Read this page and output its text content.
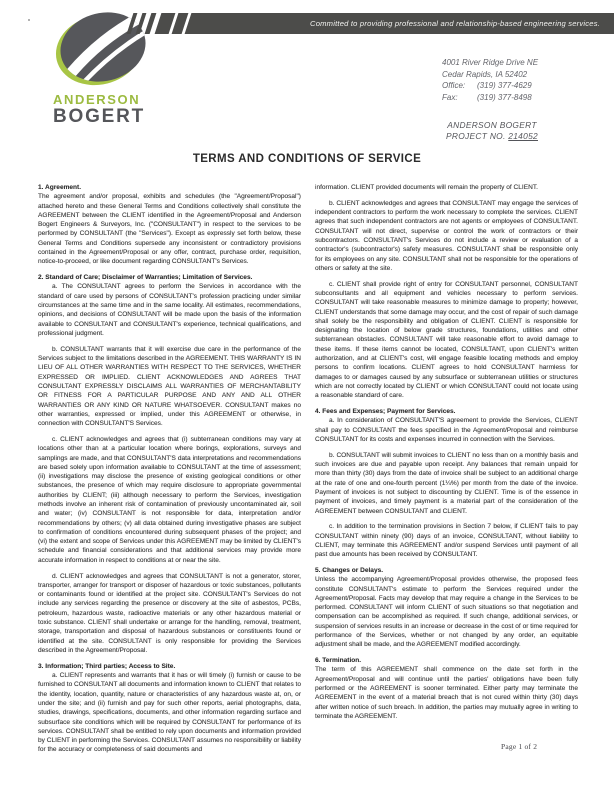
ANDERSON
BOGERT
Committed to providing professional and relationship-based engineering services.
4001 River Ridge Drive NE
Cedar Rapids, IA 52402
Office:	(319) 377-4629
Fax:	(319) 377-8498
ANDERSON BOGERT
PROJECT NO. 214052
TERMS AND CONDITIONS OF SERVICE

1. Agreement.

The agreement and/or proposal, exhibits and schedules (the "Agreement/Proposal") attached hereto and these General Terms and Conditions collectively shall constitute the AGREEMENT between the CLIENT identified in the Agreement/Proposal and Anderson Bogert Engineers & Surveyors, Inc. ("CONSULTANT") in respect to the services to be performed by CONSULTANT (the "Services"). Except as expressly set forth below, these General Terms and Conditions supersede any inconsistent or contradictory provisions contained in the Agreement/Proposal or any offer, contract, purchase order, requisition, notice-to-proceed, or like document regarding CONSULTANT's Services.

2. Standard of Care; Disclaimer of Warranties; Limitation of Services.

a. The CONSULTANT agrees to perform the Services in accordance with the standard of care used by persons of CONSULTANT's profession practicing under similar circumstances at the same time and in the same locality. All estimates, recommendations, opinions, and decisions of CONSULTANT will be made upon the basis of the information available to CONSULTANT and CONSULTANT's experience, technical qualifications, and professional judgment.

b. CONSULTANT warrants that it will exercise due care in the performance of the Services subject to the limitations described in the AGREEMENT. THIS WARRANTY IS IN LIEU OF ALL OTHER WARRANTIES WITH RESPECT TO THE SERVICES, WHETHER EXPRESSED OR IMPLIED. CLIENT ACKNOWLEDGES AND AGREES THAT CONSULTANT EXPRESSLY DISCLAIMS ALL WARRANTIES OF MERCHANTABILITY OR FITNESS FOR A PARTICULAR PURPOSE AND ANY AND ALL OTHER WARRANTIES OR ANY KIND OR NATURE WHATSOEVER. CONSULTANT makes no other warranties, expressed or implied, under this AGREEMENT or otherwise, in connection with CONSULTANT'S Services.

c. CLIENT acknowledges and agrees that (i) subterranean conditions may vary at locations other than at a particular location where borings, explorations, surveys and samplings are made, and that CONSULTANT'S data interpretations and recommendations are based solely upon information available to CONSULTANT at the time of assessment; (ii) investigations may disclose the presence of existing geological conditions or other substances, the presence of which may require disclosure to appropriate governmental authorities by CLIENT; (iii) although necessary to perform the Services, investigation methods involve an inherent risk of contamination of previously uncontaminated air, soil and water; (iv) CONSULTANT is not responsible for data, interpretation and/or recommendations by others; (v) all data obtained during investigative phases are subject to confirmation of conditions encountered during subsequent phases of the project; and (vi) the extent and scope of Services under this AGREEMENT may be limited by CLIENT's schedule and financial considerations and that additional services may provide more accurate information in respect to conditions at or near the site.

d. CLIENT acknowledges and agrees that CONSULTANT is not a generator, storer, transporter, arranger for transport or disposer of hazardous or toxic substances, pollutants or contaminants found or identified at the project site. CONSULTANT's Services do not include any services regarding the presence or discovery at the site of asbestos, PCBs, petroleum, hazardous waste, radioactive materials or any other hazardous material or toxic substance. CLIENT shall undertake or arrange for the handling, removal, treatment, storage, transportation and disposal of hazardous substances or constituents found or identified at the site. CONSULTANT is only responsible for providing the Services described in the Agreement/Proposal.

3. Information; Third parties; Access to Site.

a. CLIENT represents and warrants that it has or will timely (i) furnish or cause to be furnished to CONSULTANT all documents and information known to CLIENT that relates to the identity, location, quantity, nature or characteristics of any hazardous waste at, on, or under the site; and (ii) furnish and pay for such other reports, aerial photographs, data, studies, drawings, specifications, documents, and other information regarding surface and subsurface site conditions which will be required by CONSULTANT for performance of its services. CONSULTANT shall be entitled to rely upon documents and information provided by CLIENT in performing the Services. CONSULTANT assumes no responsibility or liability for the accuracy or completeness of said documents and

information. CLIENT provided documents will remain the property of CLIENT.

b. CLIENT acknowledges and agrees that CONSULTANT may engage the services of independent contractors to perform the work necessary to complete the services. CLIENT agrees that such independent contractors are not agents or employees of CONSULTANT. CONSULTANT will not direct, supervise or control the work of contractors or their subcontractors. CONSULTANT's Services do not include a review or evaluation of a contractor's (subcontractor's) safety measures. CONSULTANT shall be responsible only for its employees on any site. CONSULTANT shall not be responsible for the operations of others or safety at the site.

c. CLIENT shall provide right of entry for CONSULTANT personnel, CONSULTANT subconsultants and all equipment and vehicles necessary to perform services. CONSULTANT will take reasonable measures to minimize damage to property; however, CLIENT understands that some damage may occur, and the cost of repair of such damage shall solely be the responsibility and obligation of CLIENT. CLIENT is responsible for designating the location of below grade structures, foundations, utilities and other subterranean obstacles. CONSULTANT will take reasonable effort to avoid damage to these items. If these items cannot be located, CONSULTANT, upon CLIENT's written authorization, and at CLIENT's cost, will engage feasible locating methods and employ persons to confirm locations. CLIENT agrees to hold CONSULTANT harmless for damages to or damages caused by any subsurface or subterranean utilities or structures which are not correctly located by CLIENT or which CONSULTANT could not locate using a reasonable standard of care.

4. Fees and Expenses; Payment for Services.

a. In consideration of CONSULTANT'S agreement to provide the Services, CLIENT shall pay to CONSULTANT the fees specified in the Agreement/Proposal and reimburse CONSULTANT for its costs and expenses incurred in connection with the Services.

b. CONSULTANT will submit invoices to CLIENT no less than on a monthly basis and such invoices are due and payable upon receipt. Any balances that remain unpaid for more than thirty (30) days from the date of invoice shall be subject to an additional charge at the rate of one and one-fourth percent (1¼%) per month from the date of the invoice. Payment of invoices is not subject to discounting by CLIENT. Time is of the essence in payment of invoices, and timely payment is a material part of the consideration of the AGREEMENT between CONSULTANT and CLIENT.

c. In addition to the termination provisions in Section 7 below, if CLIENT fails to pay CONSULTANT within ninety (90) days of an invoice, CONSULTANT, without liability to CLIENT, may terminate this AGREEMENT and/or suspend Services until payment of all past due amounts has been received by CONSULTANT.

5. Changes or Delays.

Unless the accompanying Agreement/Proposal provides otherwise, the proposed fees constitute CONSULTANT's estimate to perform the Services required under the Agreement/Proposal. Facts may develop that may require a change in the Services to be performed. CONSULTANT will inform CLIENT of such situations so that negotiation and compensation can be accomplished as required. If such change, additional services, or suspension of services results in an increase or decrease in the cost of or time required for performance of the Services, whether or not changed by any order, an equitable adjustment shall be made, and the AGREEMENT modified accordingly.

6. Termination.

The term of this AGREEMENT shall commence on the date set forth in the Agreement/Proposal and will continue until the parties' obligations have been fully performed or the AGREEMENT is sooner terminated. Either party may terminate the AGREEMENT in the event of a material breach that is not cured within thirty (30) days after written notice of such breach. In addition, the parties may mutually agree in writing to terminate the AGREEMENT.

Page 1 of 2
